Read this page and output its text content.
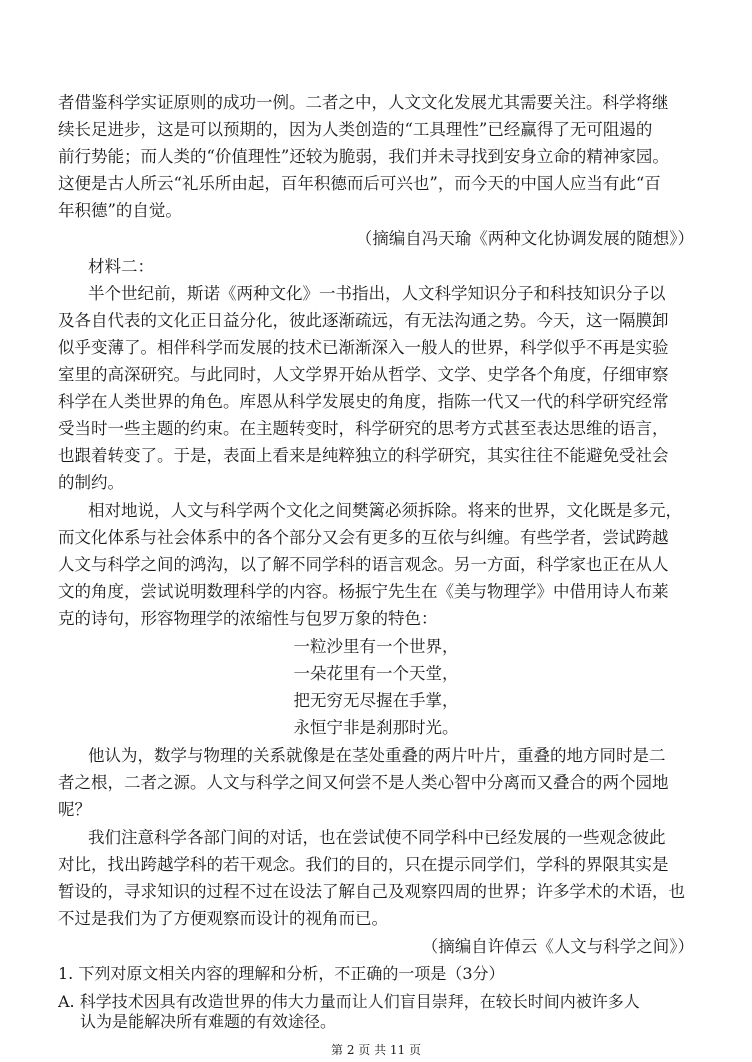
者借鉴科学实证原则的成功一例。二者之中，人文文化发展尤其需要关注。科学将继
续长足进步，这是可以预期的，因为人类创造的“工具理性”已经赢得了无可阻遏的
前行势能；而人类的“价值理性”还较为脆弱，我们并未寻找到安身立命的精神家园。
这便是古人所云“礼乐所由起，百年积德而后可兴也”，而今天的中国人应当有此“百
年积德”的自觉。
（摘编自冯天瑜《两种文化协调发展的随想》）
材料二：
半个世纪前，斯诺《两种文化》一书指出，人文科学知识分子和科技知识分子以
及各自代表的文化正日益分化，彼此逐渐疏远，有无法沟通之势。今天，这一隔膜卸
似乎变薄了。相伴科学而发展的技术已渐渐深入一般人的世界，科学似乎不再是实验
室里的高深研究。与此同时，人文学界开始从哲学、文学、史学各个角度，仔细审察
科学在人类世界的角色。库恩从科学发展史的角度，指陈一代又一代的科学研究经常
受当时一些主题的约束。在主题转变时，科学研究的思考方式甚至表达思维的语言，
也跟着转变了。于是，表面上看来是纯粹独立的科学研究，其实往往不能避免受社会
的制约。
相对地说，人文与科学两个文化之间樊篱必须拆除。将来的世界，文化既是多元，
而文化体系与社会体系中的各个部分又会有更多的互依与纠缠。有些学者，尝试跨越
人文与科学之间的鸿沟，以了解不同学科的语言观念。另一方面，科学家也正在从人
文的角度，尝试说明数理科学的内容。杨振宁先生在《美与物理学》中借用诗人布莱
克的诗句，形容物理学的浓缩性与包罗万象的特色：
一粒沙里有一个世界，
一朵花里有一个天堂，
把无穷无尽握在手掌，
永恒宁非是刹那时光。
他认为，数学与物理的关系就像是在茎处重叠的两片叶片，重叠的地方同时是二
者之根，二者之源。人文与科学之间又何尝不是人类心智中分离而又叠合的两个园地
呢？
我们注意科学各部门间的对话，也在尝试使不同学科中已经发展的一些观念彼此
对比，找出跨越学科的若干观念。我们的目的，只在提示同学们，学科的界限其实是
暂设的，寻求知识的过程不过在设法了解自己及观察四周的世界；许多学术的术语，也
不过是我们为了方便观察而设计的视角而已。
（摘编自许倬云《人文与科学之间》）
1. 下列对原文相关内容的理解和分析，不正确的一项是（3分）
A. 科学技术因具有改造世界的伟大力量而让人们盲目崇拜，在较长时间内被许多人
认为是能解决所有难题的有效途径。
第 2 页 共 11 页
